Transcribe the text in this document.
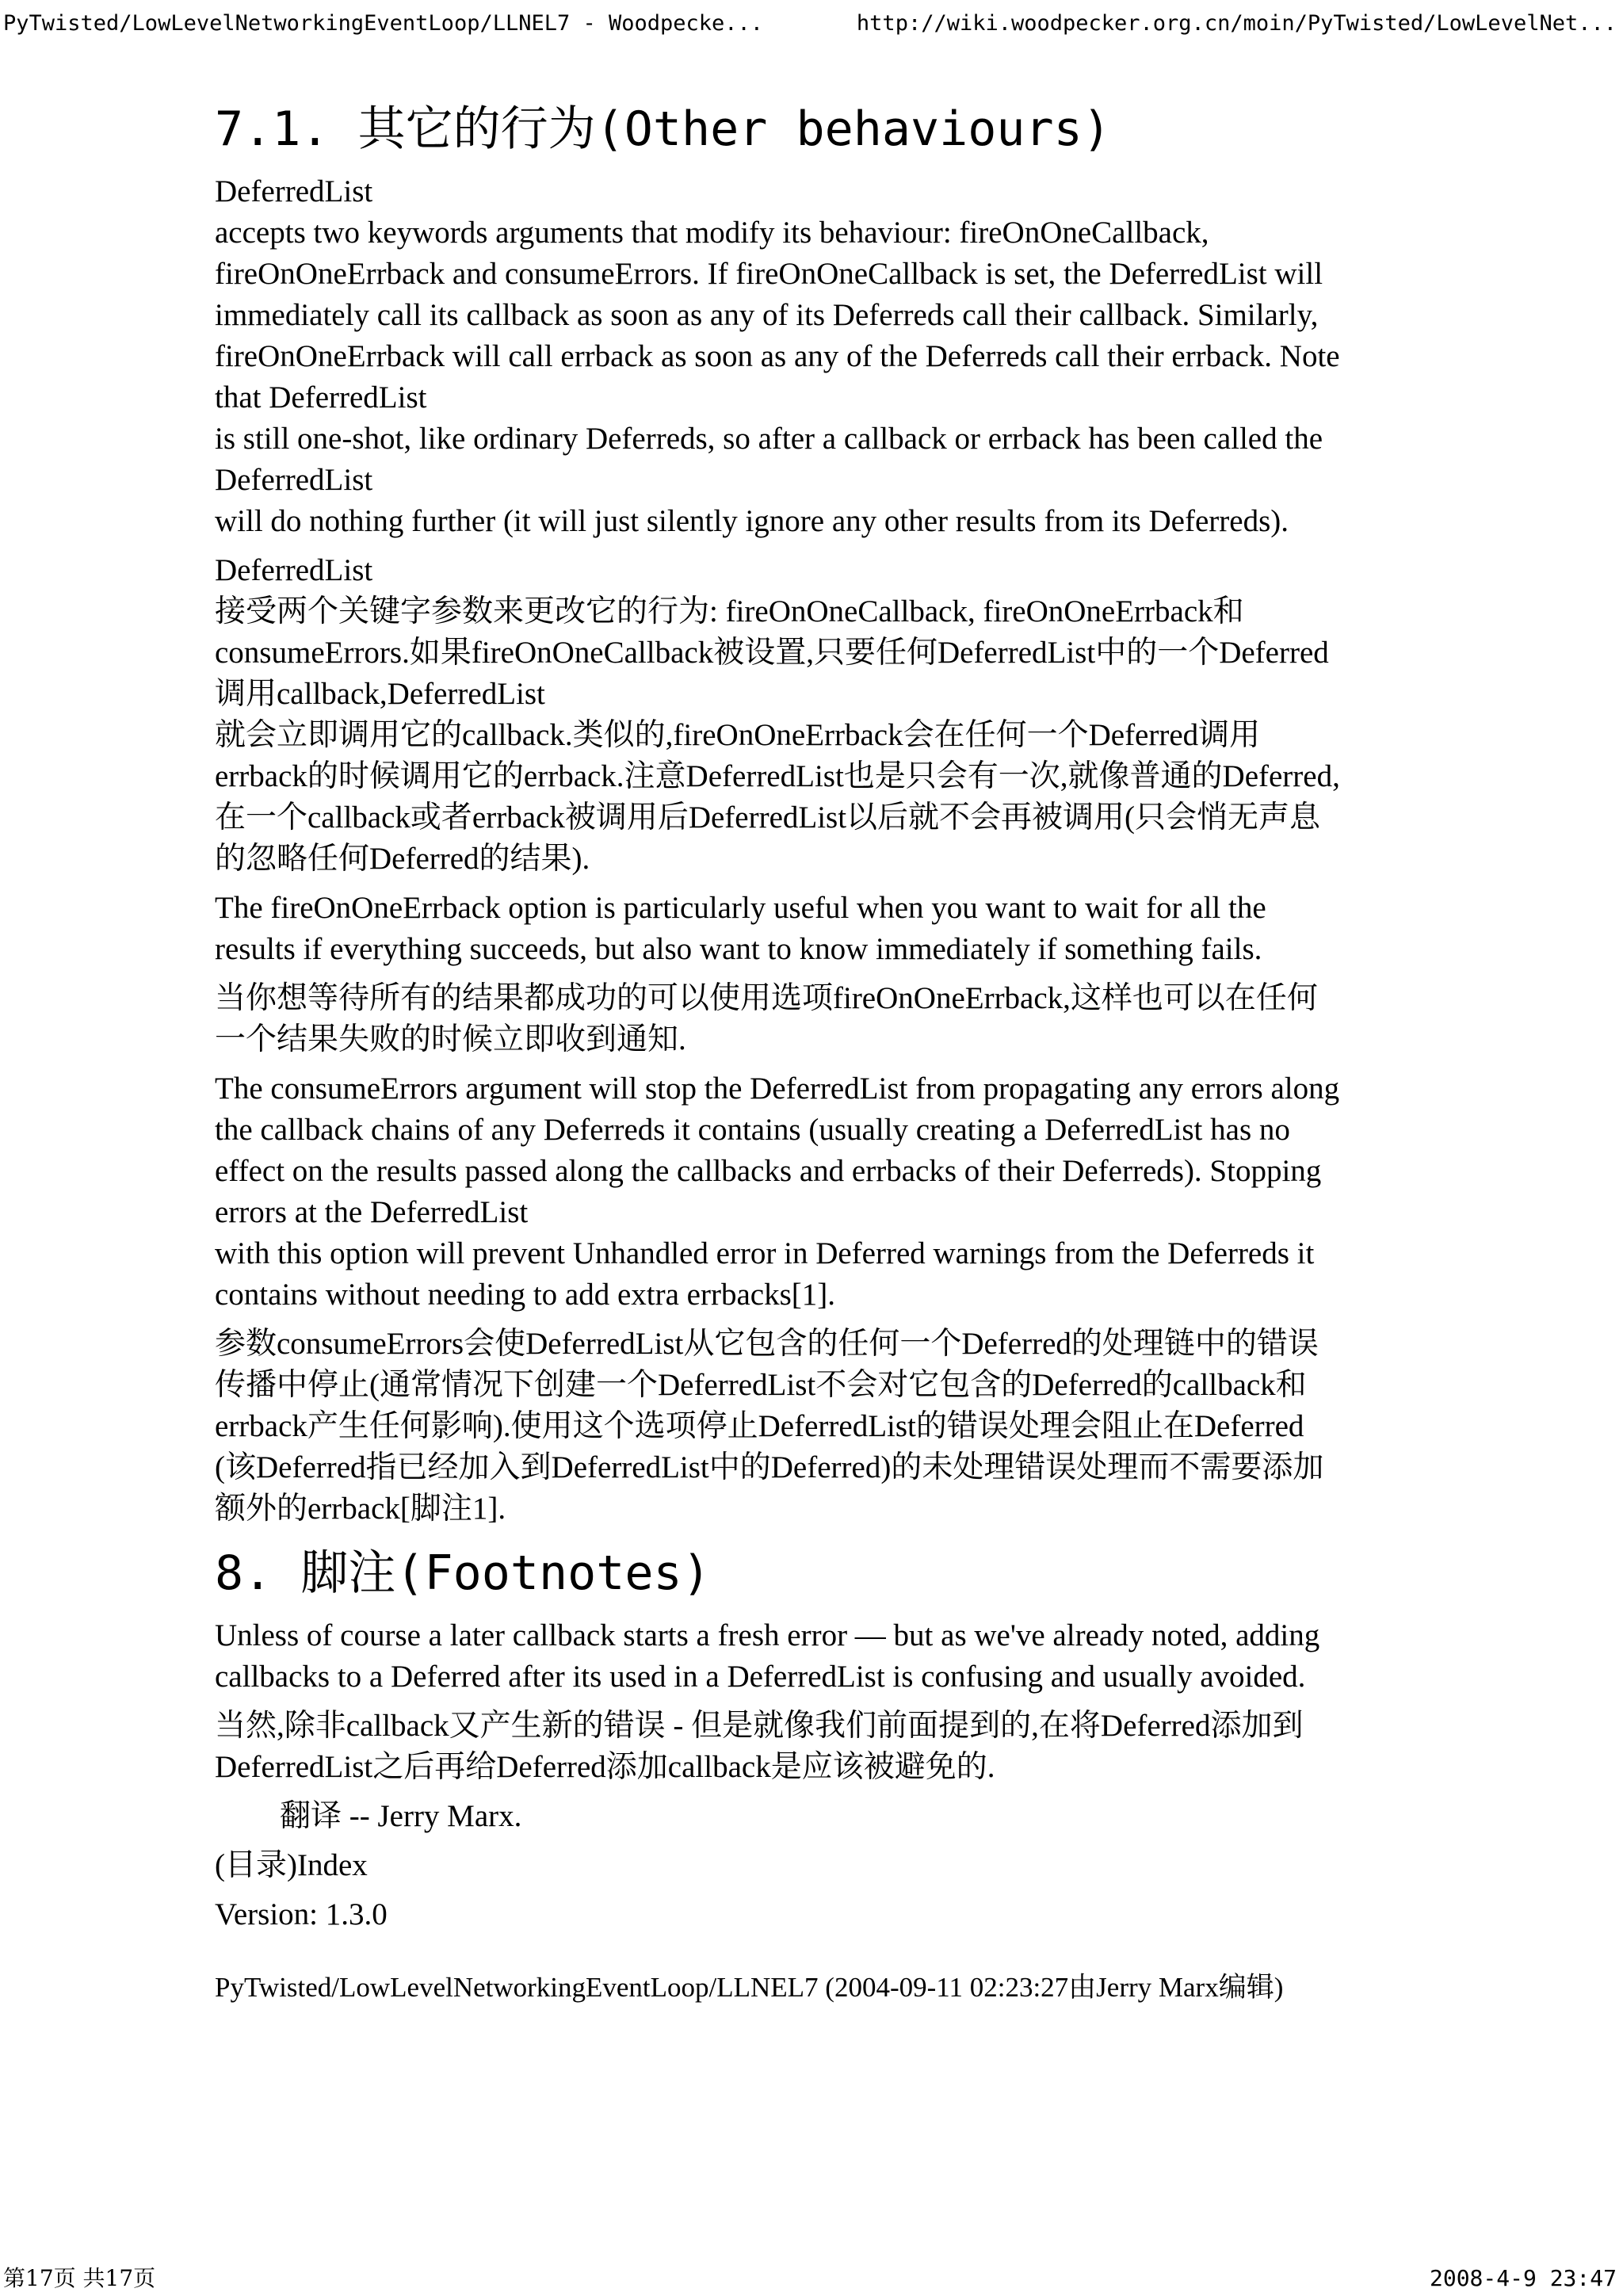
PyTwisted/LowLevelNetworkingEventLoop/LLNEL7 - Woodpecke...	http://wiki.woodpecker.org.cn/moin/PyTwisted/LowLevelNet...
7.1. 其它的行为(Other behaviours)
DeferredList
accepts two keywords arguments that modify its behaviour: fireOnOneCallback,
fireOnOneErrback and consumeErrors. If fireOnOneCallback is set, the DeferredList will
immediately call its callback as soon as any of its Deferreds call their callback. Similarly,
fireOnOneErrback will call errback as soon as any of the Deferreds call their errback. Note
that DeferredList
is still one-shot, like ordinary Deferreds, so after a callback or errback has been called the
DeferredList
will do nothing further (it will just silently ignore any other results from its Deferreds).
DeferredList
接受两个关键字参数来更改它的行为: fireOnOneCallback, fireOnOneErrback和
consumeErrors.如果fireOnOneCallback被设置,只要任何DeferredList中的一个Deferred
调用callback,DeferredList
就会立即调用它的callback.类似的,fireOnOneErrback会在任何一个Deferred调用
errback的时候调用它的errback.注意DeferredList也是只会有一次,就像普通的Deferred,
在一个callback或者errback被调用后DeferredList以后就不会再被调用(只会悄无声息
的忽略任何Deferred的结果).
The fireOnOneErrback option is particularly useful when you want to wait for all the
results if everything succeeds, but also want to know immediately if something fails.
当你想等待所有的结果都成功的可以使用选项fireOnOneErrback,这样也可以在任何
一个结果失败的时候立即收到通知.
The consumeErrors argument will stop the DeferredList from propagating any errors along
the callback chains of any Deferreds it contains (usually creating a DeferredList has no
effect on the results passed along the callbacks and errbacks of their Deferreds). Stopping
errors at the DeferredList
with this option will prevent Unhandled error in Deferred warnings from the Deferreds it
contains without needing to add extra errbacks[1].
参数consumeErrors会使DeferredList从它包含的任何一个Deferred的处理链中的错误
传播中停止(通常情况下创建一个DeferredList不会对它包含的Deferred的callback和
errback产生任何影响).使用这个选项停止DeferredList的错误处理会阻止在Deferred
(该Deferred指已经加入到DeferredList中的Deferred)的未处理错误处理而不需要添加
额外的errback[脚注1].
8. 脚注(Footnotes)
Unless of course a later callback starts a fresh error — but as we've already noted, adding
callbacks to a Deferred after its used in a DeferredList is confusing and usually avoided.
当然,除非callback又产生新的错误 - 但是就像我们前面提到的,在将Deferred添加到
DeferredList之后再给Deferred添加callback是应该被避免的.
翻译 -- Jerry Marx.
(目录)Index
Version: 1.3.0
PyTwisted/LowLevelNetworkingEventLoop/LLNEL7 (2004-09-11 02:23:27由Jerry Marx编辑)
第17页 共17页	2008-4-9 23:47
